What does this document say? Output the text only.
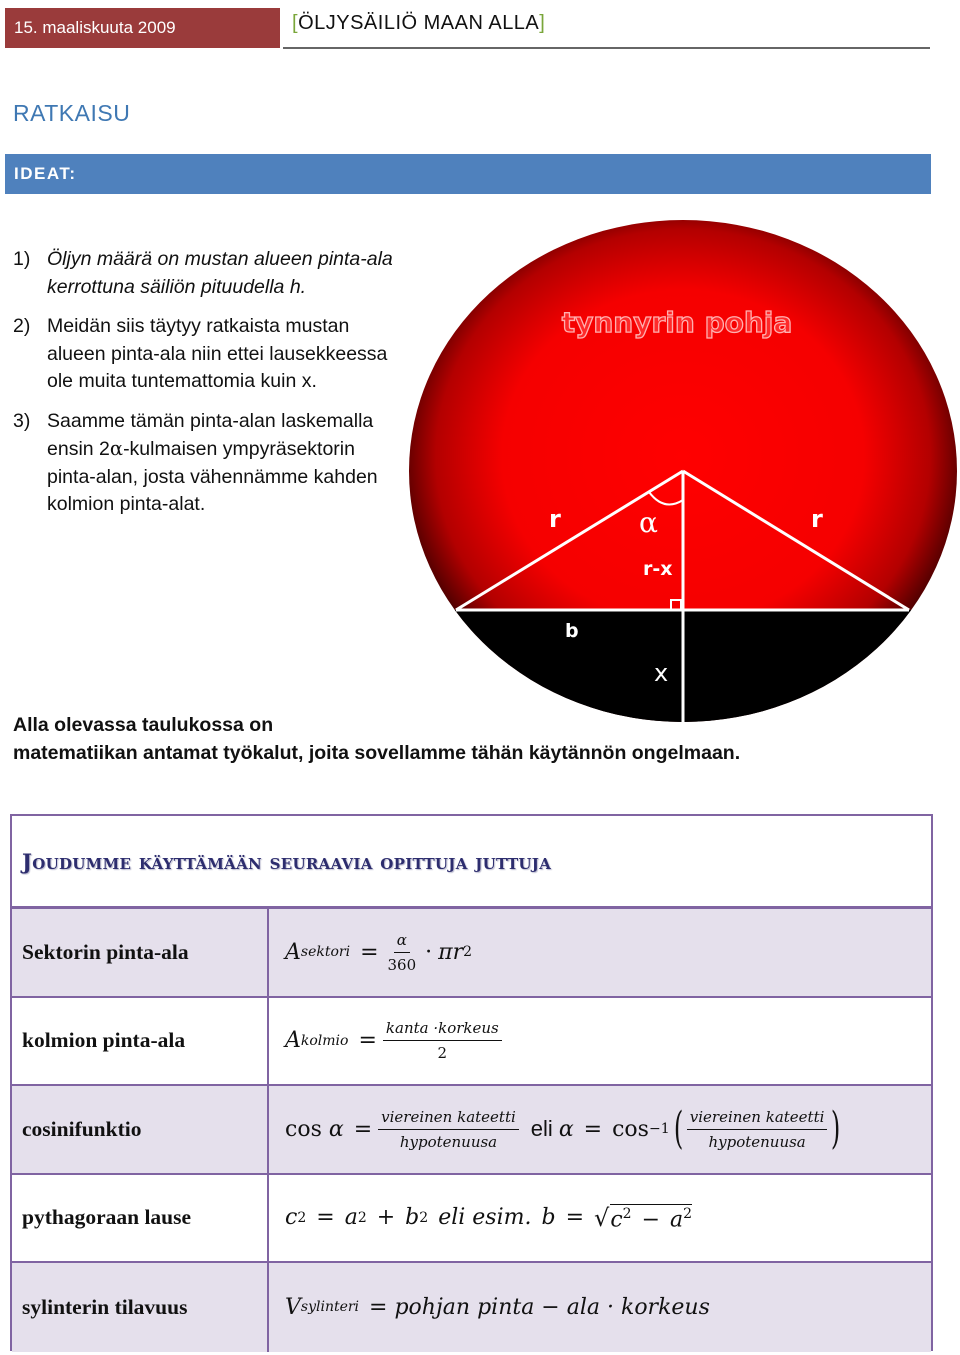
15. maaliskuuta 2009	[ÖLJYSÄILIÖ MAAN ALLA]
RATKAISU
IDEAT:
1) Öljyn määrä on mustan alueen pinta-ala kerrottuna säiliön pituudella h.
2) Meidän siis täytyy ratkaista mustan alueen pinta-ala niin ettei lausekkeessa ole muita tuntemattomia kuin x.
3) Saamme tämän pinta-alan laskemalla ensin 2α-kulmaisen ympyräsektorin pinta-alan, josta vähennämme kahden kolmion pinta-alat.
tynnyrin pohja
r	r
α
r-x
b
x
Alla olevassa taulukossa on
matematiikan antamat työkalut, joita sovellamme tähän käytännön ongelmaan.
Joudumme käyttämään seuraavia opittuja juttuja
Sektorin pinta-ala	A sektori = $\frac{\alpha}{360} \cdot \pi r$ 2
kolmion pinta-ala	A kolmio = $\frac{\text{kanta ·korkeus}}{2}$
cosinifunktio	cos
$\alpha = \frac{\text{viereinen kateetti}}{\text{hypotenuusa}}$ eli α = cos −1 ( $\frac{\text{viereinen kateetti}}{\text{hypotenuusa}}$ )
pythagoraan lause	c 2 = a 2 + b 2 eli esim. b = √ $c^2 - a^2$
sylinterin tilavuus	V sylinteri = pohjan pinta − ala · korkeus
